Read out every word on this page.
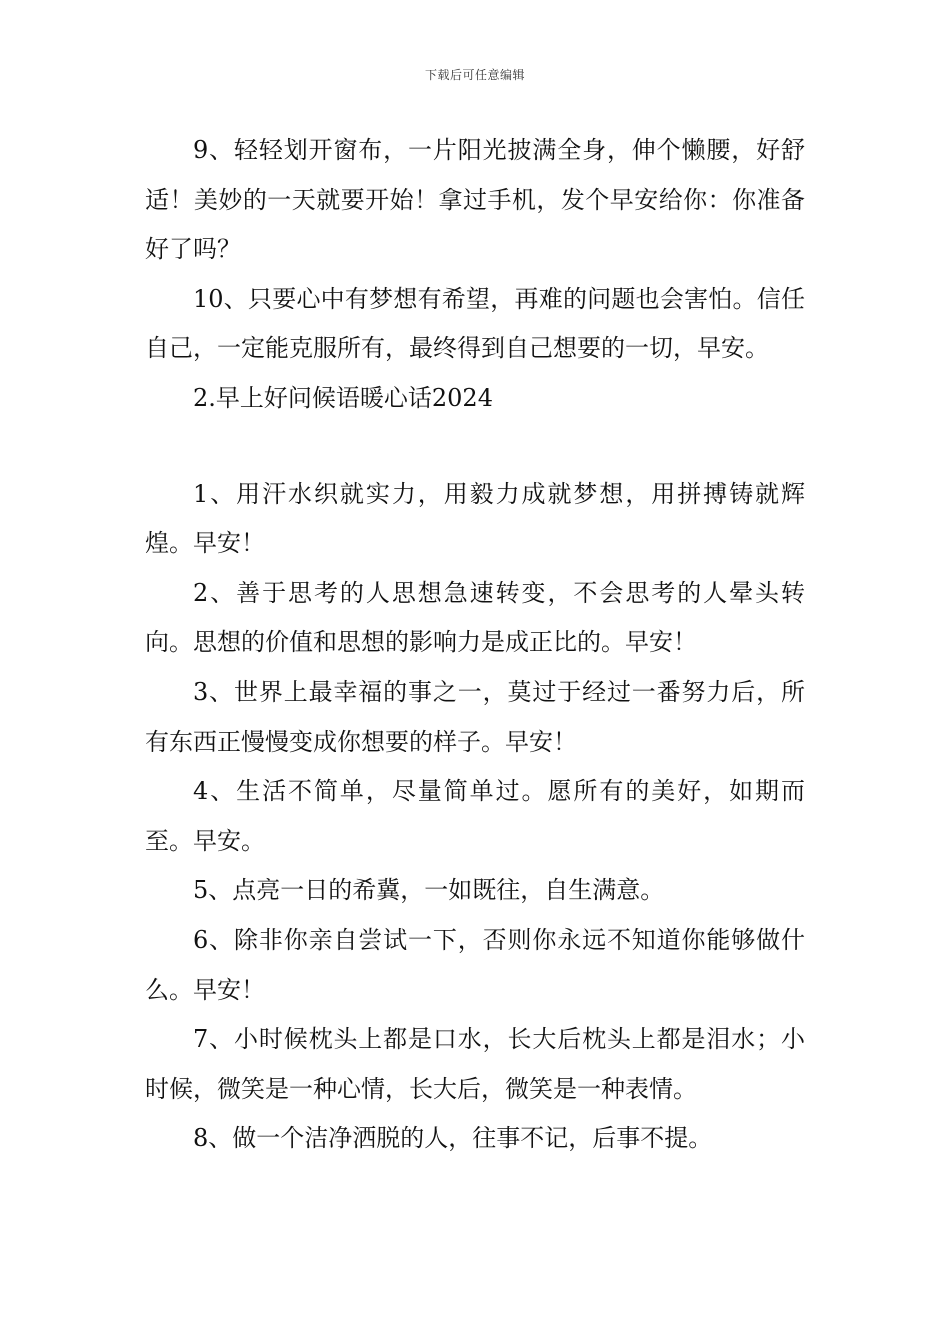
下载后可任意编辑

9、轻轻划开窗布，一片阳光披满全身，伸个懒腰，好舒适！美妙的一天就要开始！拿过手机，发个早安给你：你准备好了吗？

10、只要心中有梦想有希望，再难的问题也会害怕。信任自己，一定能克服所有，最终得到自己想要的一切，早安。

2.早上好问候语暖心话2024

1、用汗水织就实力，用毅力成就梦想，用拼搏铸就辉煌。早安！

2、善于思考的人思想急速转变，不会思考的人晕头转向。思想的价值和思想的影响力是成正比的。早安！

3、世界上最幸福的事之一，莫过于经过一番努力后，所有东西正慢慢变成你想要的样子。早安！

4、生活不简单，尽量简单过。愿所有的美好，如期而至。早安。

5、点亮一日的希冀，一如既往，自生满意。

6、除非你亲自尝试一下，否则你永远不知道你能够做什么。早安！

7、小时候枕头上都是口水，长大后枕头上都是泪水；小时候，微笑是一种心情，长大后，微笑是一种表情。

8、做一个洁净洒脱的人，往事不记，后事不提。
